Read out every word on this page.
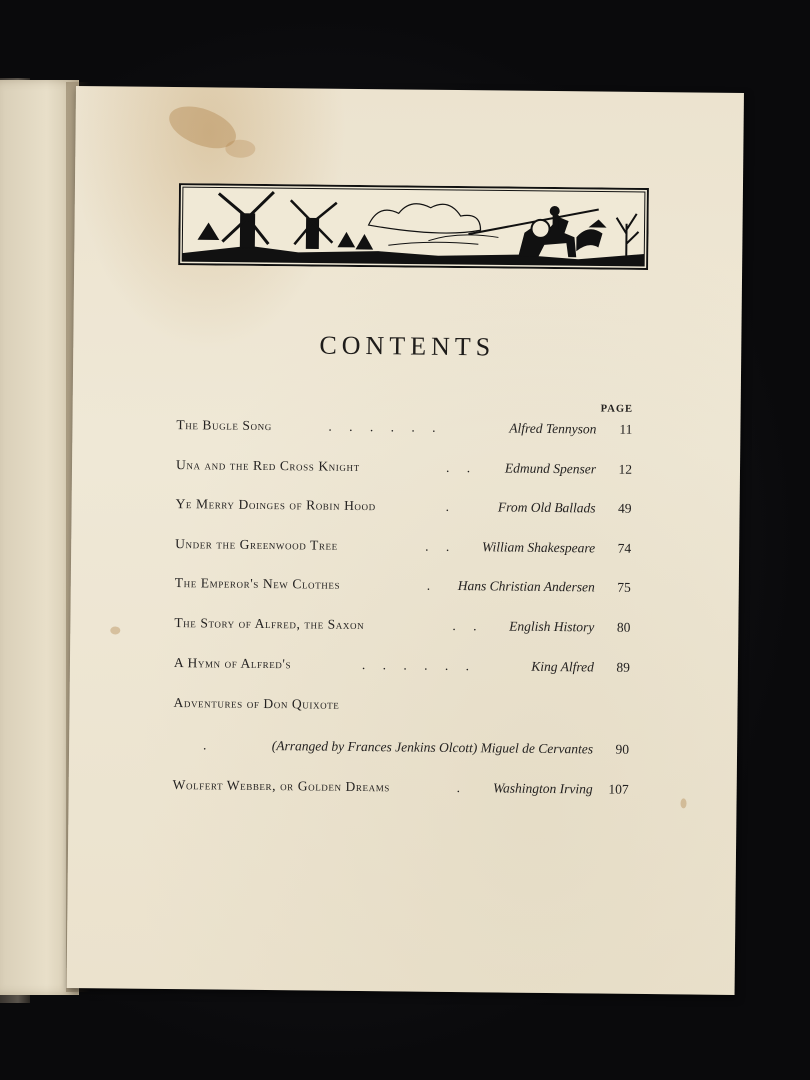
CONTENTS
PAGE
The Bugle Song	. . . . . .	Alfred Tennyson	11
Una and the Red Cross Knight	. . Edmund Spenser	12
Ye Merry Doinges of Robin Hood	.	From Old Ballads	49
Under the Greenwood Tree	. . William Shakespeare	74
The Emperor's New Clothes	. Hans Christian Andersen	75
The Story of Alfred, the Saxon	. . English History	80
A Hymn of Alfred's	. . . . . .	King Alfred	89
Adventures of Don Quixote
.	(Arranged by Frances Jenkins Olcott) Miguel de Cervantes	90
Wolfert Webber, or Golden Dreams	. Washington Irving	107
